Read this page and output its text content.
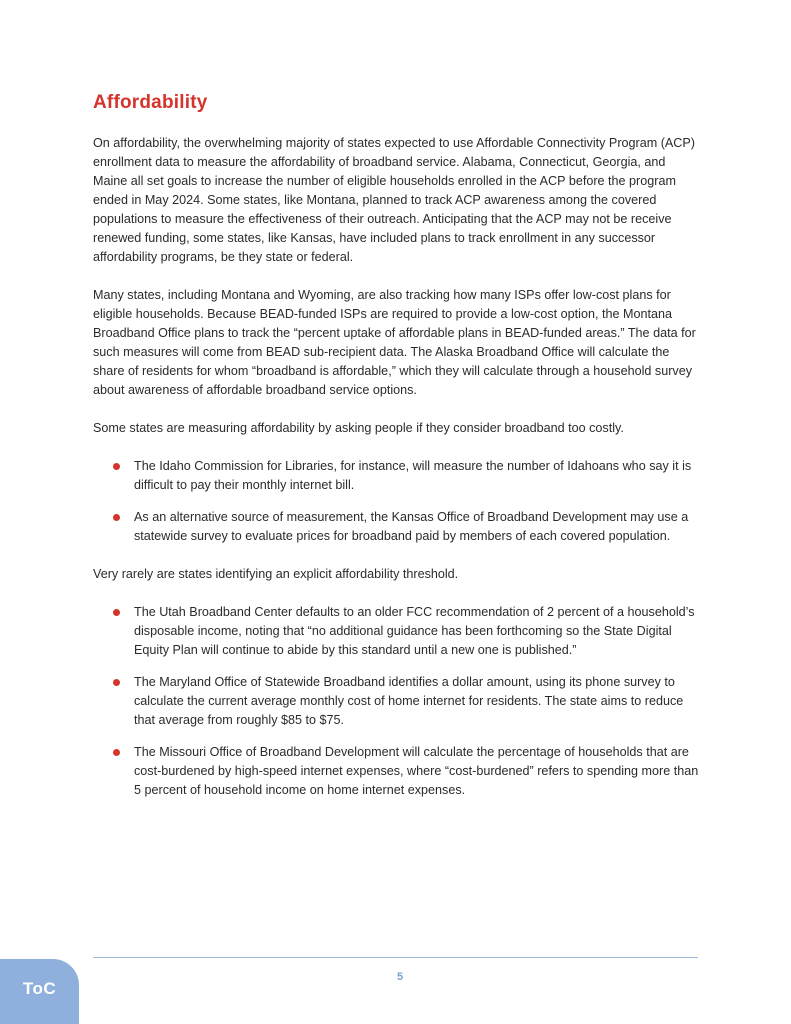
Affordability

On affordability, the overwhelming majority of states expected to use Affordable Connectivity Program (ACP) enrollment data to measure the affordability of broadband service. Alabama, Connecticut, Georgia, and Maine all set goals to increase the number of eligible households enrolled in the ACP before the program ended in May 2024. Some states, like Montana, planned to track ACP awareness among the covered populations to measure the effectiveness of their outreach. Anticipating that the ACP may not be receive renewed funding, some states, like Kansas, have included plans to track enrollment in any successor affordability programs, be they state or federal.

Many states, including Montana and Wyoming, are also tracking how many ISPs offer low-cost plans for eligible households. Because BEAD-funded ISPs are required to provide a low-cost option, the Montana Broadband Office plans to track the “percent uptake of affordable plans in BEAD-funded areas.” The data for such measures will come from BEAD sub-recipient data. The Alaska Broadband Office will calculate the share of residents for whom “broadband is affordable,” which they will calculate through a household survey about awareness of affordable broadband service options.

Some states are measuring affordability by asking people if they consider broadband too costly.

The Idaho Commission for Libraries, for instance, will measure the number of Idahoans who say it is difficult to pay their monthly internet bill.
As an alternative source of measurement, the Kansas Office of Broadband Development may use a statewide survey to evaluate prices for broadband paid by members of each covered population.

Very rarely are states identifying an explicit affordability threshold.

The Utah Broadband Center defaults to an older FCC recommendation of 2 percent of a household’s disposable income, noting that “no additional guidance has been forthcoming so the State Digital Equity Plan will continue to abide by this standard until a new one is published.”
The Maryland Office of Statewide Broadband identifies a dollar amount, using its phone survey to calculate the current average monthly cost of home internet for residents. The state aims to reduce that average from roughly $85 to $75.
The Missouri Office of Broadband Development will calculate the percentage of households that are cost-burdened by high-speed internet expenses, where “cost-burdened” refers to spending more than 5 percent of household income on home internet expenses.
5
ToC
